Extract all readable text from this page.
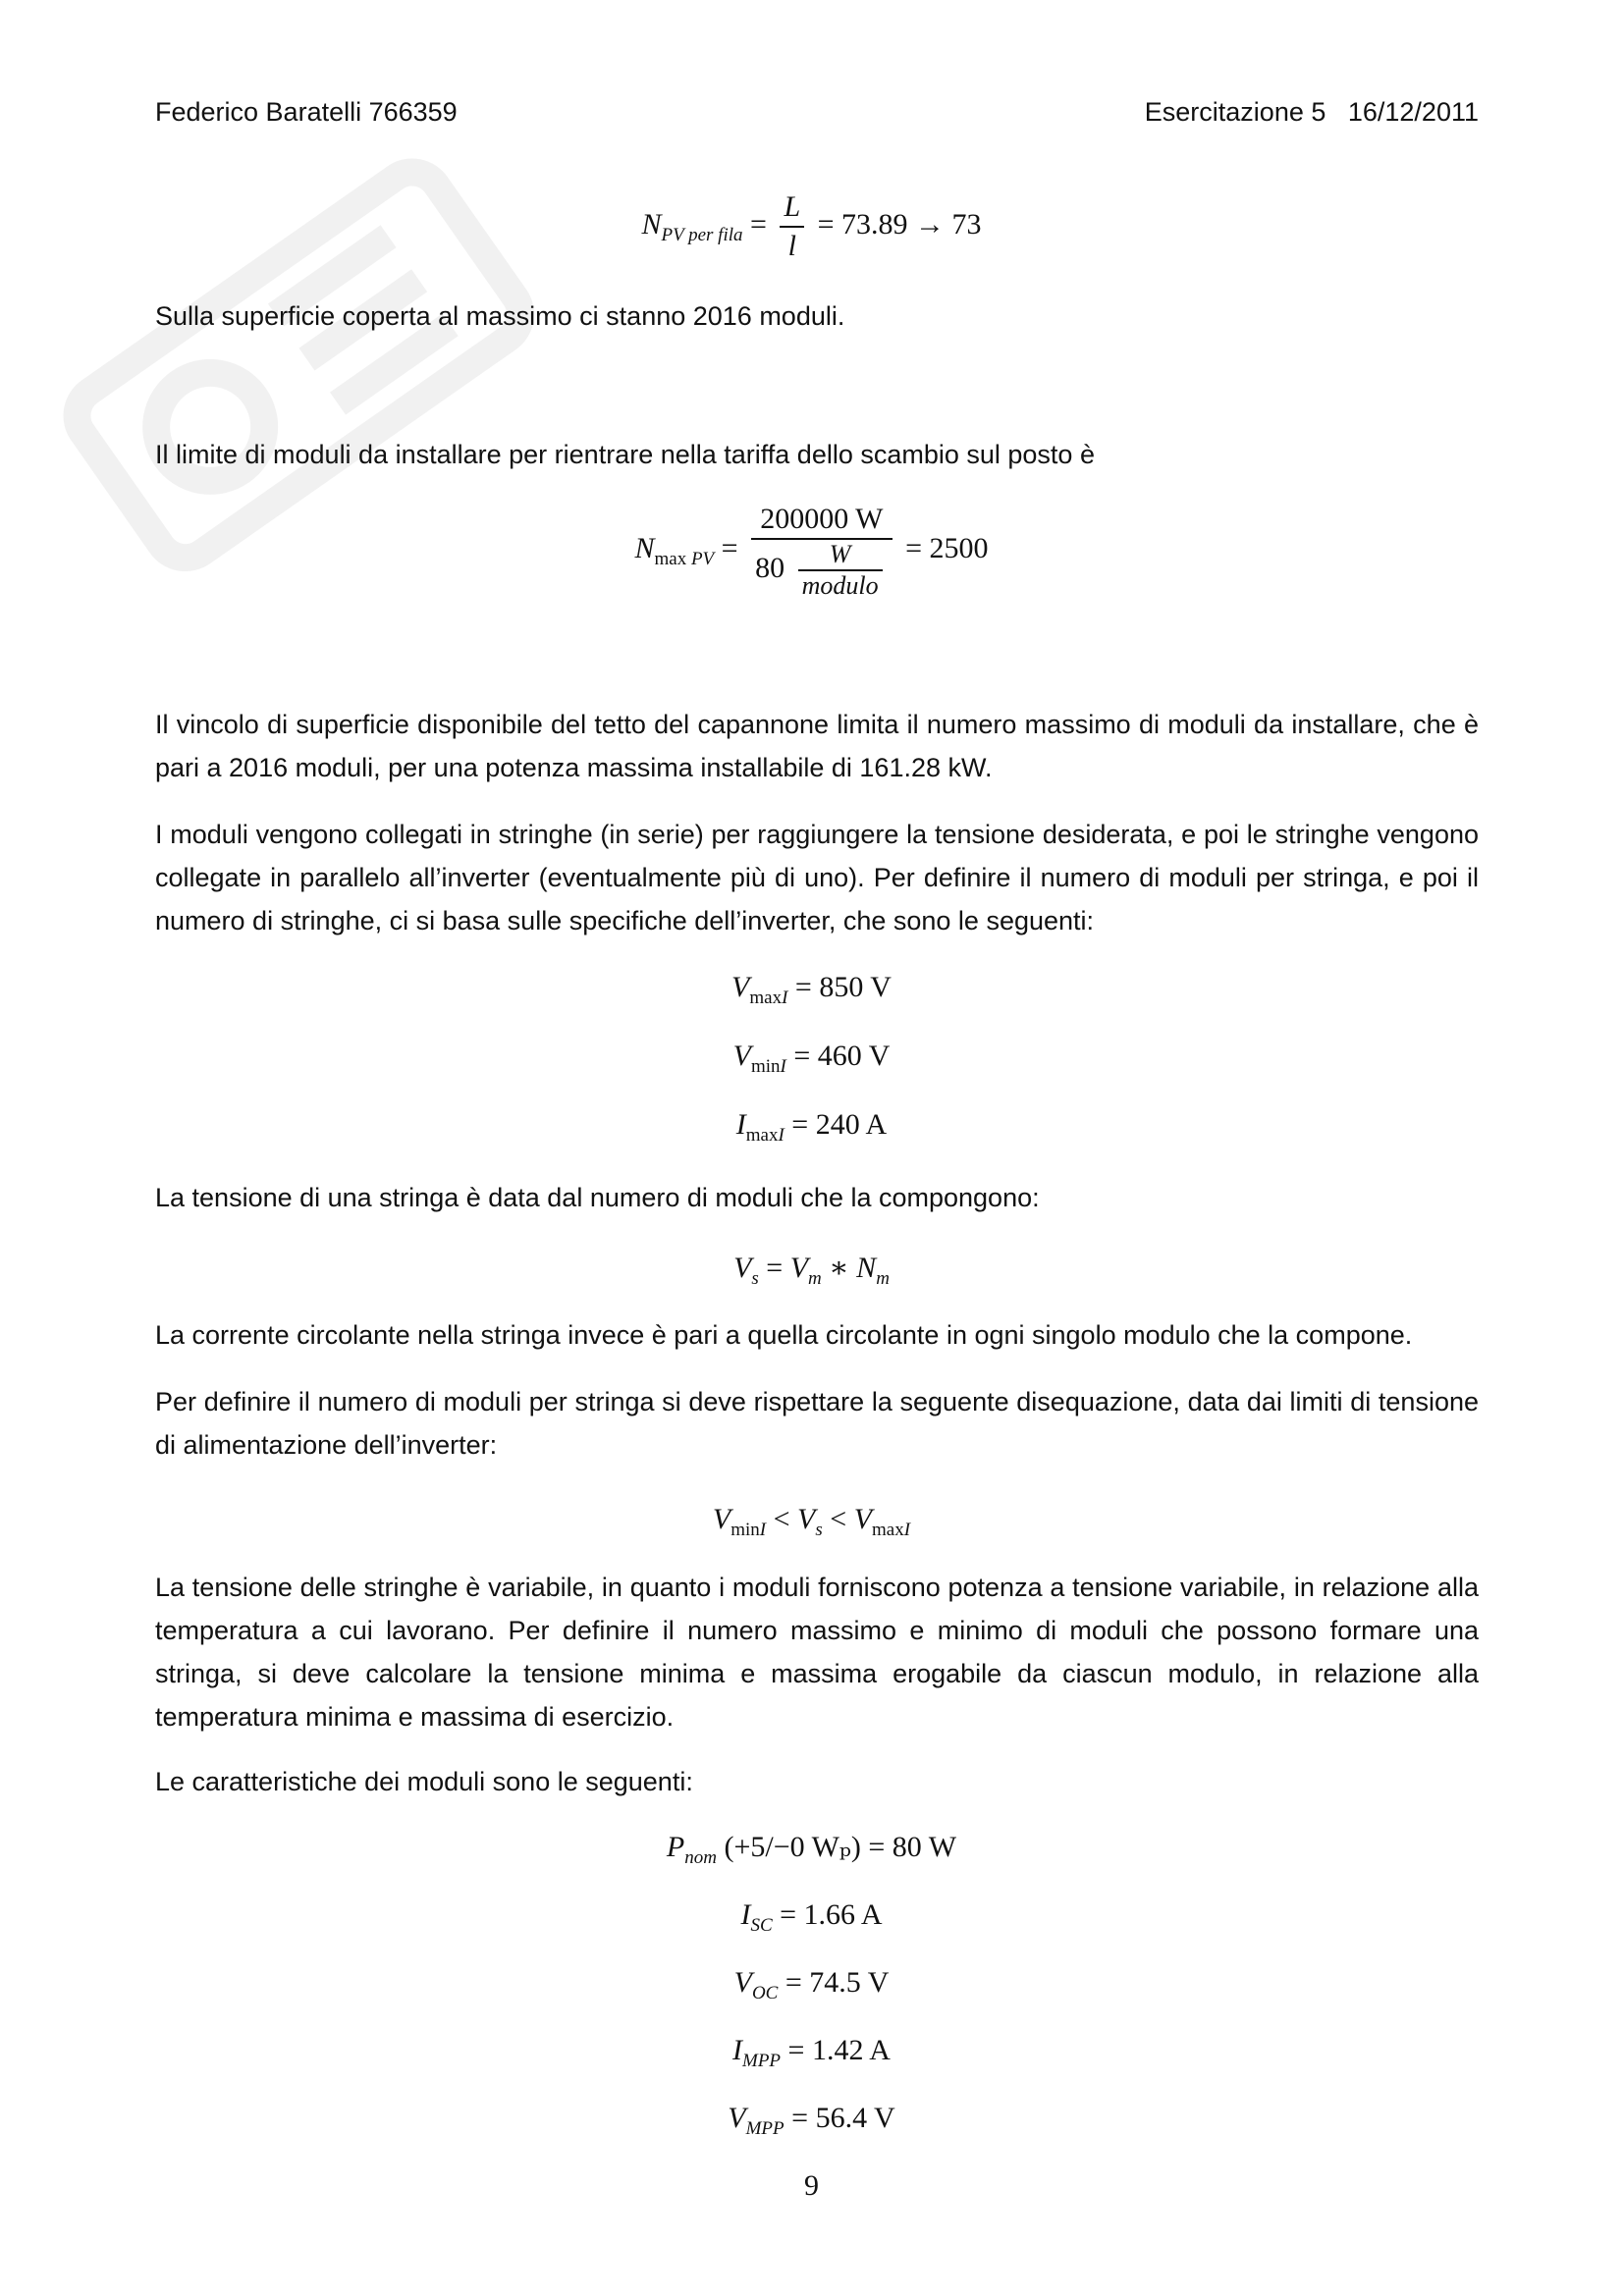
Federico Baratelli 766359	Esercitazione 5   16/12/2011
$N_{PV per fila} = \frac{L}{l} = 73.89 \to 73$

Sulla superficie coperta al massimo ci stanno 2016 moduli.

Il limite di moduli da installare per rientrare nella tariffa dello scambio sul posto è

$N_{max PV} = \frac{200000 W}{80 \frac{W}{\text{modulo}}} = 2500$

Il vincolo di superficie disponibile del tetto del capannone limita il numero massimo di moduli da installare, che è pari a 2016 moduli, per una potenza massima installabile di 161.28 kW.

I moduli vengono collegati in stringhe (in serie) per raggiungere la tensione desiderata, e poi le stringhe vengono collegate in parallelo all’inverter (eventualmente più di uno). Per definire il numero di moduli per stringa, e poi il numero di stringhe, ci si basa sulle specifiche dell’inverter, che sono le seguenti:

$V_{maxI} = 850$ V
$V_{minI} = 460$ V
$I_{maxI} = 240$ A

La tensione di una stringa è data dal numero di moduli che la compongono:

$V_s = V_m$ ∗ $N_m$

La corrente circolante nella stringa invece è pari a quella circolante in ogni singolo modulo che la compone.

Per definire il numero di moduli per stringa si deve rispettare la seguente disequazione, data dai limiti di tensione di alimentazione dell’inverter:

$V_{minI} < V_s < V_{maxI}$

La tensione delle stringhe è variabile, in quanto i moduli forniscono potenza a tensione variabile, in relazione alla temperatura a cui lavorano. Per definire il numero massimo e minimo di moduli che possono formare una stringa, si deve calcolare la tensione minima e massima erogabile da ciascun modulo, in relazione alla temperatura minima e massima di esercizio.

Le caratteristiche dei moduli sono le seguenti:

$P_{nom}$ (+5/−0 Wₚ) = 80 W
$I_{SC} = 1.66$ A
$V_{OC} = 74.5$ V
$I_{MPP} = 1.42$ A
$V_{MPP} = 56.4$ V
9
